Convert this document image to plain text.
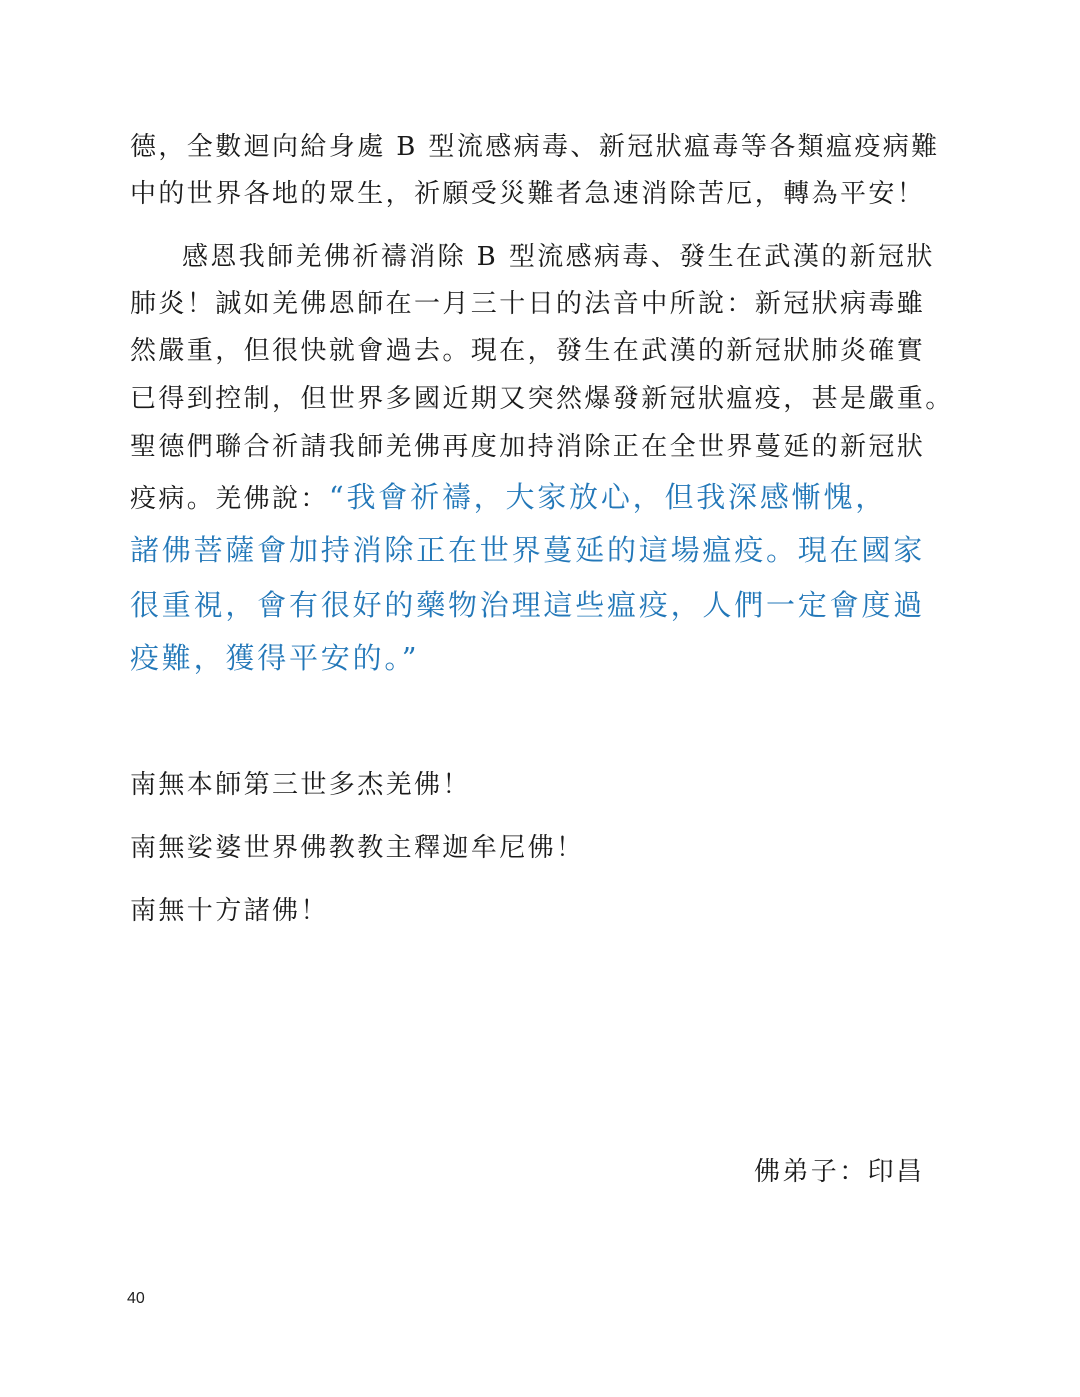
德，全數迴向給身處 B 型流感病毒、新冠狀瘟毒等各類瘟疫病難
中的世界各地的眾生，祈願受災難者急速消除苦厄，轉為平安！
感恩我師羌佛祈禱消除 B 型流感病毒、發生在武漢的新冠狀
肺炎！誠如羌佛恩師在一月三十日的法音中所說：新冠狀病毒雖
然嚴重，但很快就會過去。現在，發生在武漢的新冠狀肺炎確實
已得到控制，但世界多國近期又突然爆發新冠狀瘟疫，甚是嚴重。
聖德們聯合祈請我師羌佛再度加持消除正在全世界蔓延的新冠狀
疫病。羌佛說：“我會祈禱，大家放心，但我深感慚愧，
諸佛菩薩會加持消除正在世界蔓延的這場瘟疫。現在國家
很重視，會有很好的藥物治理這些瘟疫，人們一定會度過
疫難，獲得平安的。”
南無本師第三世多杰羌佛！
南無娑婆世界佛教教主釋迦牟尼佛！
南無十方諸佛！
佛弟子：印昌
40
